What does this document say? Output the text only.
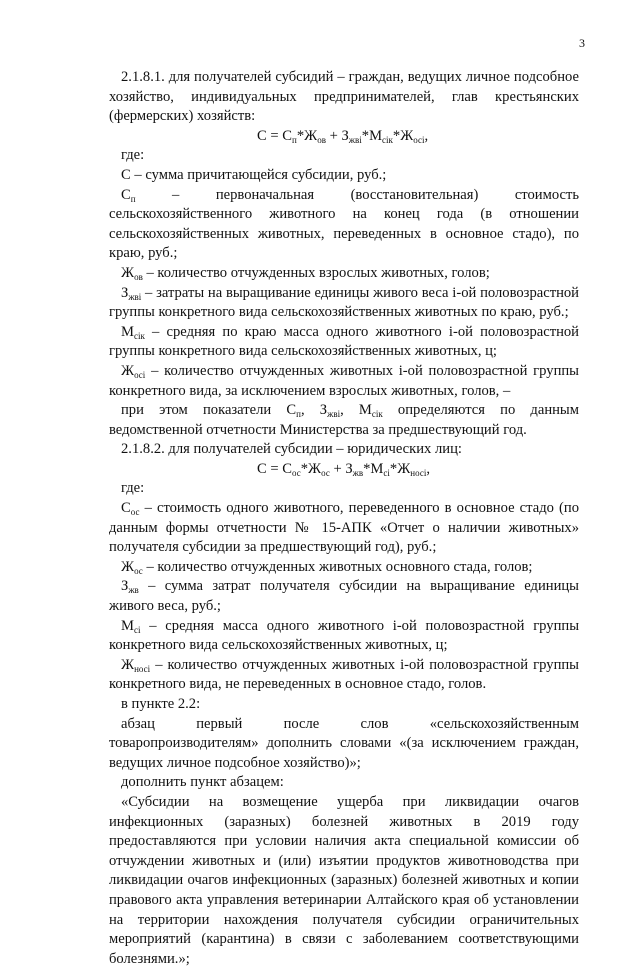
3

2.1.8.1. для получателей субсидий – граждан, ведущих личное подсобное хозяйство, индивидуальных предпринимателей, глав крестьянских (фермерских) хозяйств:

$С = С_п*Ж_{ов} + З_{жвi}*М_{сiк}*Ж_{осi}$,

где:

С – сумма причитающейся субсидии, руб.;

$С_п$ – первоначальная (восстановительная) стоимость сельскохозяйственного животного на конец года (в отношении сельскохозяйственных животных, переведенных в основное стадо), по краю, руб.;

$Ж_{ов}$ – количество отчужденных взрослых животных, голов;

$З_{жвi}$ – затраты на выращивание единицы живого веса i-ой половозрастной группы конкретного вида сельскохозяйственных животных по краю, руб.;

$М_{сiк}$ – средняя по краю масса одного животного i-ой половозрастной группы конкретного вида сельскохозяйственных животных, ц;

$Ж_{осi}$ – количество отчужденных животных i-ой половозрастной группы конкретного вида, за исключением взрослых животных, голов, –

при этом показатели $С_п$, $З_{жвi}$, $М_{сiк}$ определяются по данным ведомственной отчетности Министерства за предшествующий год.

2.1.8.2. для получателей субсидии – юридических лиц:

$С = С_{ос}*Ж_{ос} + З_{жв}*М_{сi}*Ж_{носi}$,

где:

$С_{ос}$ – стоимость одного животного, переведенного в основное стадо (по данным формы отчетности № 15-АПК «Отчет о наличии животных» получателя субсидии за предшествующий год), руб.;

$Ж_{ос}$ – количество отчужденных животных основного стада, голов;

$З_{жв}$ – сумма затрат получателя субсидии на выращивание единицы живого веса, руб.;

$М_{сi}$ – средняя масса одного животного i-ой половозрастной группы конкретного вида сельскохозяйственных животных, ц;

$Ж_{носi}$ – количество отчужденных животных i-ой половозрастной группы конкретного вида, не переведенных в основное стадо, голов.

в пункте 2.2:

абзац первый после слов «сельскохозяйственным товаропроизводителям» дополнить словами «(за исключением граждан, ведущих личное подсобное хозяйство)»;

дополнить пункт абзацем:

«Субсидии на возмещение ущерба при ликвидации очагов инфекционных (заразных) болезней животных в 2019 году предоставляются при условии наличия акта специальной комиссии об отчуждении животных и (или) изъятии продуктов животноводства при ликвидации очагов инфекционных (заразных) болезней животных и копии правового акта управления ветеринарии Алтайского края об установлении на территории нахождения получателя субсидии ограничительных мероприятий (карантина) в связи с заболеванием соответствующими болезнями.»;
